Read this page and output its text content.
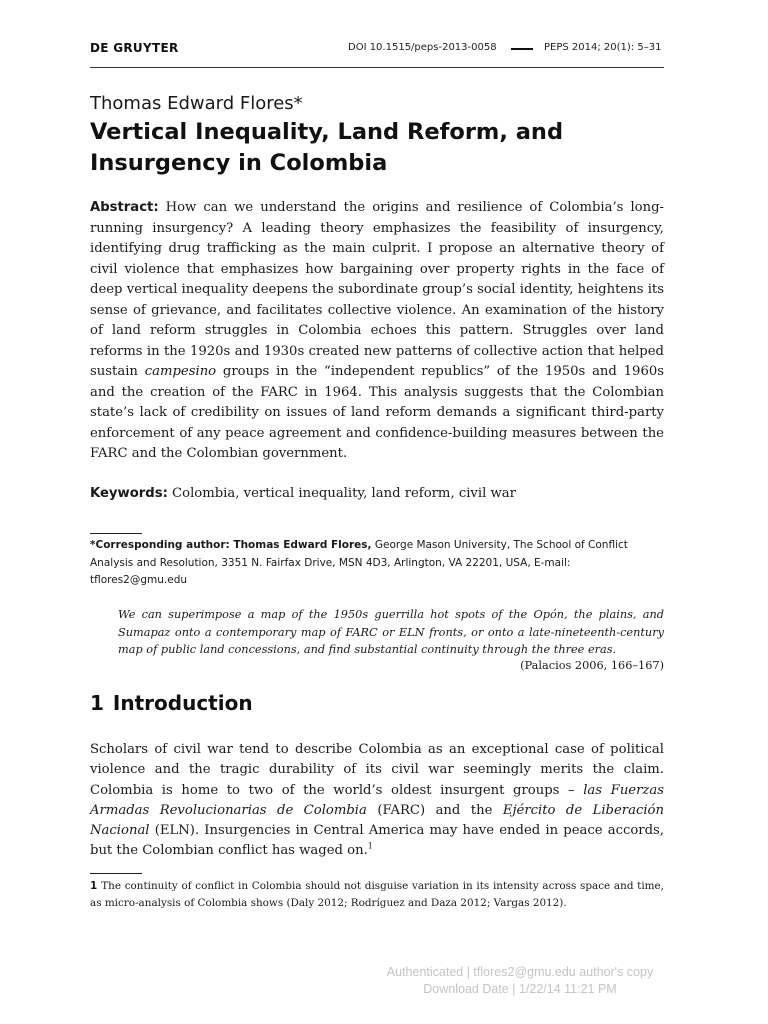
DE GRUYTER	DOI 10.1515/peps-2013-0058	PEPS 2014; 20(1): 5–31
Thomas Edward Flores*
Vertical Inequality, Land Reform, and Insurgency in Colombia

Abstract: How can we understand the origins and resilience of Colombia’s long-running insurgency? A leading theory emphasizes the feasibility of insurgency, identifying drug trafficking as the main culprit. I propose an alternative theory of civil violence that emphasizes how bargaining over property rights in the face of deep vertical inequality deepens the subordinate group’s social identity, heightens its sense of grievance, and facilitates collective violence. An examination of the history of land reform struggles in Colombia echoes this pattern. Struggles over land reforms in the 1920s and 1930s created new patterns of collective action that helped sustain campesino groups in the “independent republics” of the 1950s and 1960s and the creation of the FARC in 1964. This analysis suggests that the Colombian state’s lack of credibility on issues of land reform demands a significant third-party enforcement of any peace agreement and confidence-building measures between the FARC and the Colombian government.

Keywords: Colombia, vertical inequality, land reform, civil war

*Corresponding author: Thomas Edward Flores, George Mason University, The School of Conflict Analysis and Resolution, 3351 N. Fairfax Drive, MSN 4D3, Arlington, VA 22201, USA, E-mail: tflores2@gmu.edu

We can superimpose a map of the 1950s guerrilla hot spots of the Opón, the plains, and Sumapaz onto a contemporary map of FARC or ELN fronts, or onto a late-nineteenth-century map of public land concessions, and find substantial continuity through the three eras.

(Palacios 2006, 166–167)

1 Introduction

Scholars of civil war tend to describe Colombia as an exceptional case of political violence and the tragic durability of its civil war seemingly merits the claim. Colombia is home to two of the world’s oldest insurgent groups – las Fuerzas Armadas Revolucionarias de Colombia (FARC) and the Ejército de Liberación Nacional (ELN). Insurgencies in Central America may have ended in peace accords, but the Colombian conflict has waged on.$^1$

1 The continuity of conflict in Colombia should not disguise variation in its intensity across space and time, as micro-analysis of Colombia shows (Daly 2012; Rodríguez and Daza 2012; Vargas 2012).

Authenticated | tflores2@gmu.edu author's copy
Download Date | 1/22/14 11:21 PM
